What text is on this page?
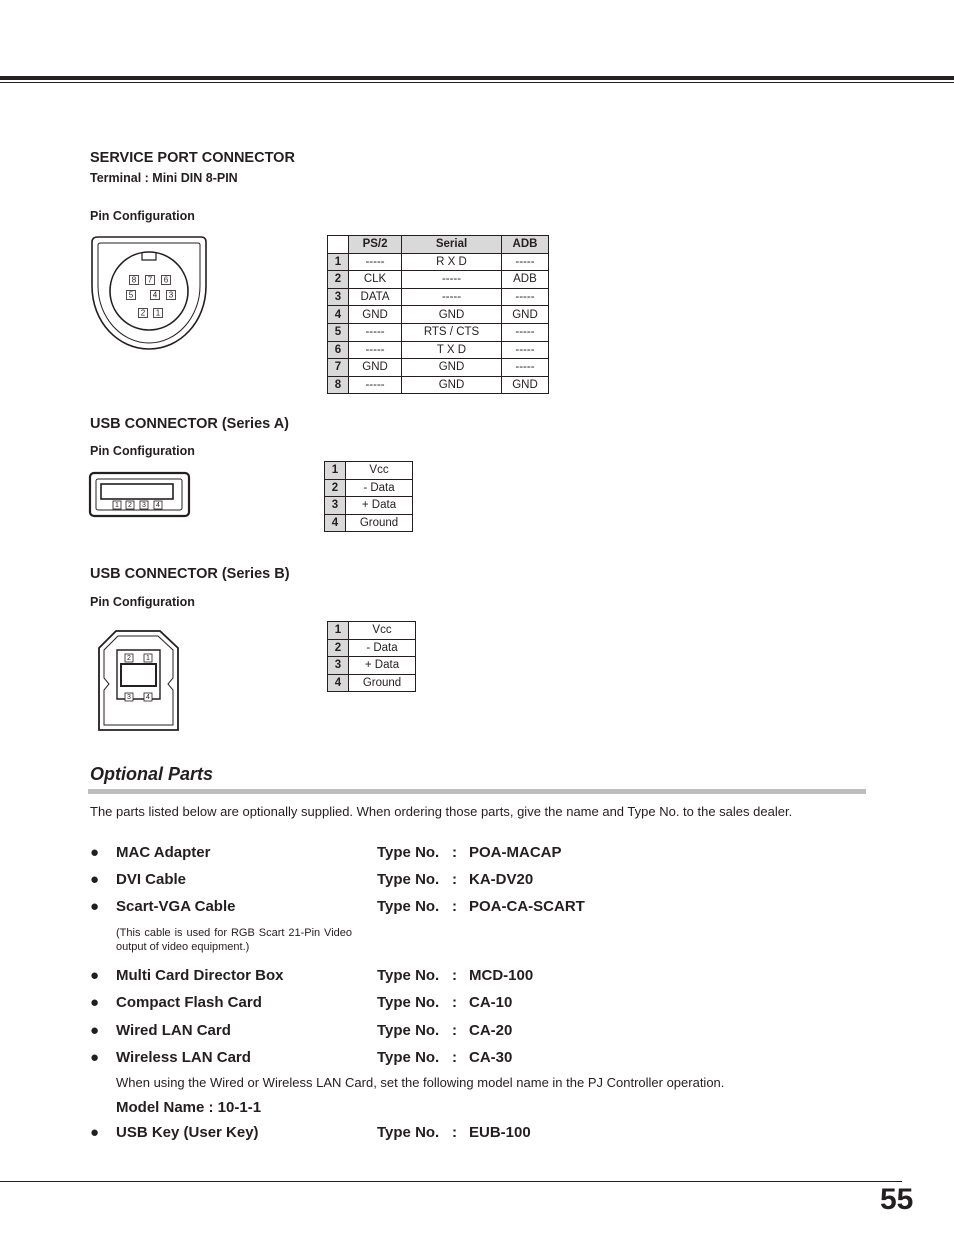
SERVICE PORT CONNECTOR
Terminal : Mini DIN 8-PIN
Pin Configuration
8 7 6
5 4 3
2 1
	PS/2	Serial	ADB
1	-----	R X D	-----
2	CLK	-----	ADB
3	DATA	-----	-----
4	GND	GND	GND
5	-----	RTS / CTS	-----
6	-----	T X D	-----
7	GND	GND	-----
8	-----	GND	GND
USB CONNECTOR (Series A)
Pin Configuration
1 2 3 4
1	Vcc
2	- Data
3	+ Data
4	Ground
USB CONNECTOR (Series B)
Pin Configuration
2 1
3 4
1	Vcc
2	- Data
3	+ Data
4	Ground
Optional Parts
The parts listed below are optionally supplied. When ordering those parts, give the name and Type No. to the sales dealer.
● MAC Adapter	Type No. : POA-MACAP
● DVI Cable	Type No. : KA-DV20
● Scart-VGA Cable	Type No. : POA-CA-SCART
● Multi Card Director Box	Type No. : MCD-100
● Compact Flash Card	Type No. : CA-10
● Wired LAN Card	Type No. : CA-20
● Wireless LAN Card	Type No. : CA-30
● USB Key (User Key)	Type No. : EUB-100
(This cable is used for RGB Scart 21-Pin Video output of video equipment.)
When using the Wired or Wireless LAN Card, set the following model name in the PJ Controller operation.
Model Name : 10-1-1
55
